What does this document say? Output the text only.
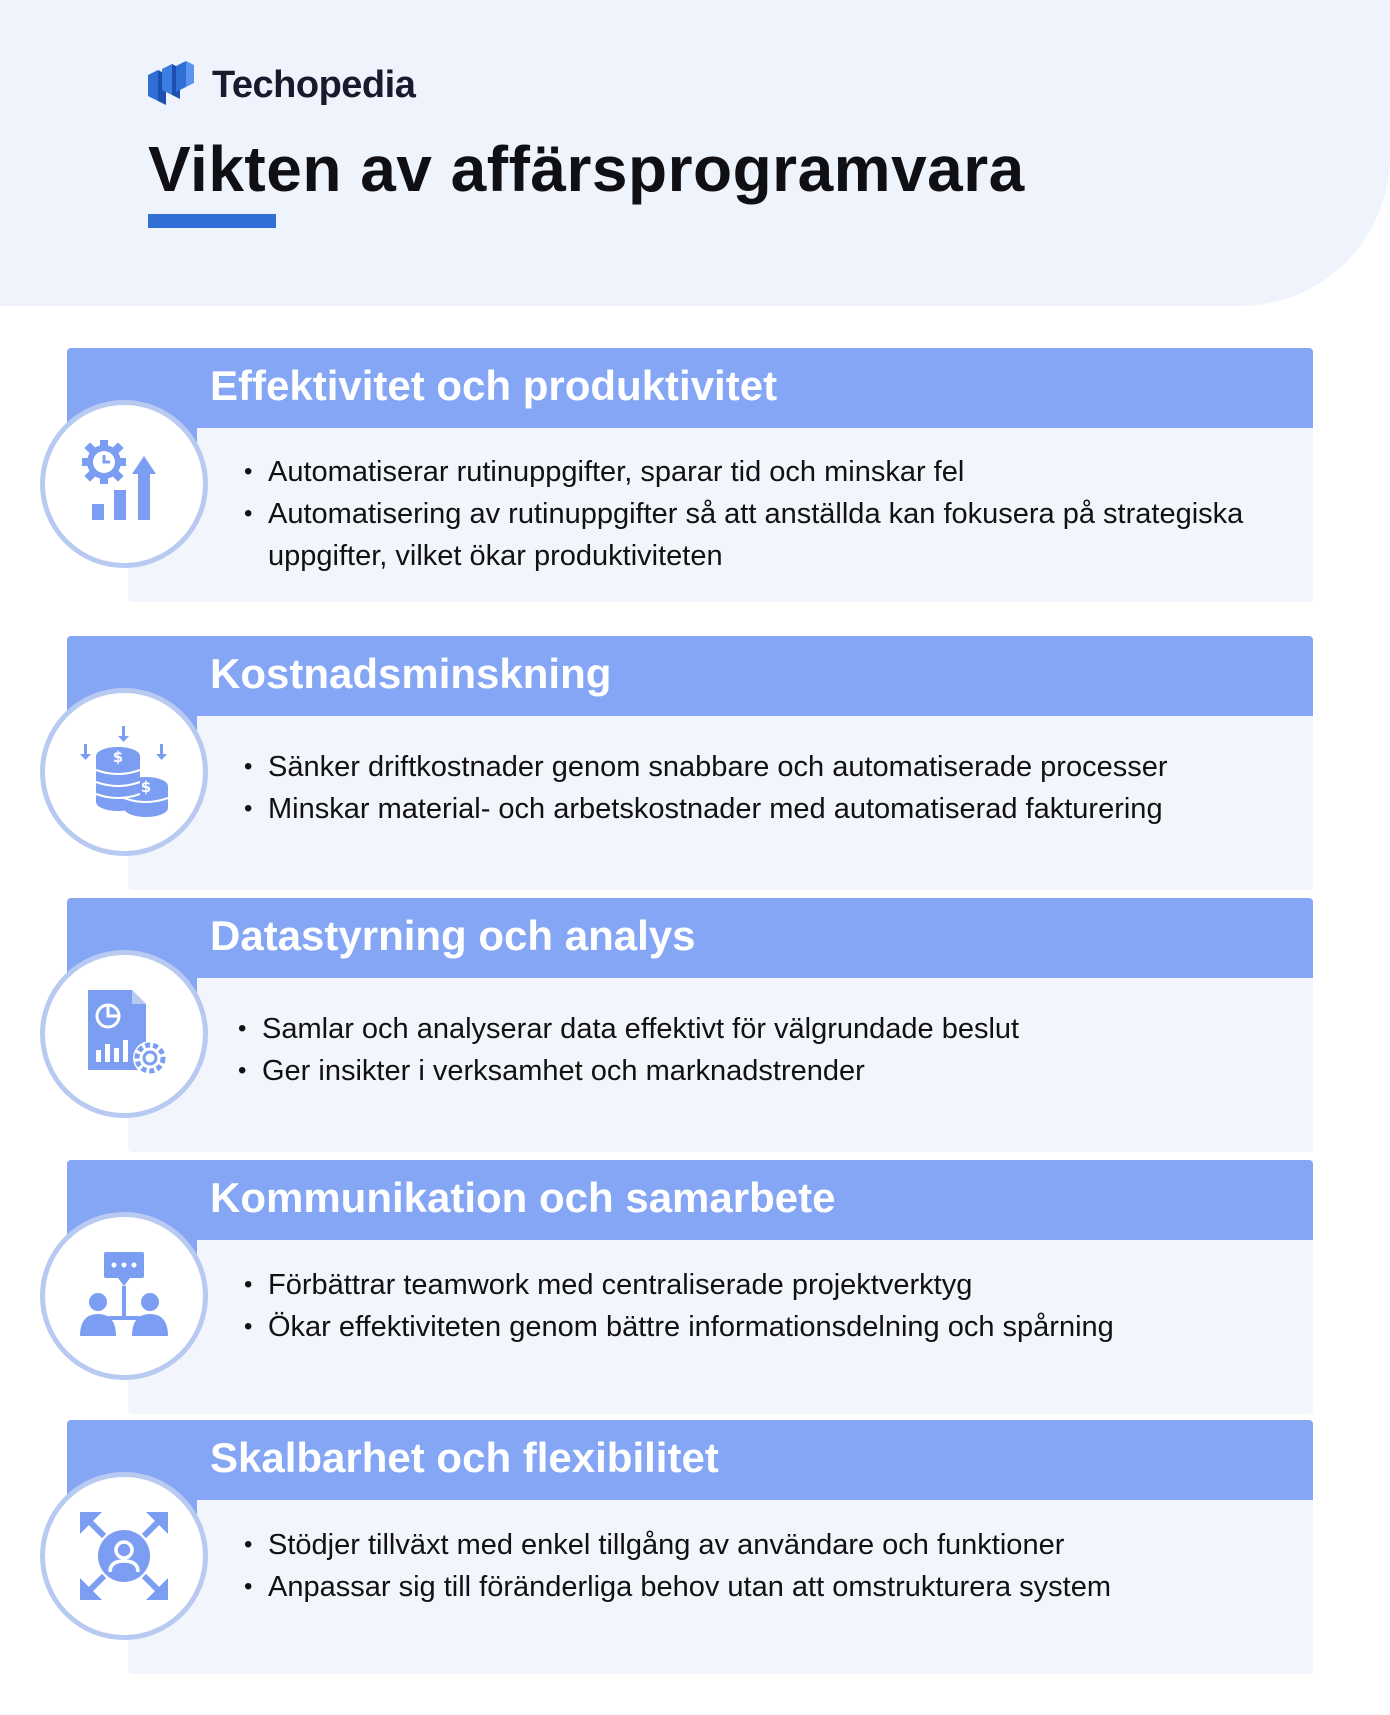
Techopedia
Vikten av affärsprogramvara
Effektivitet och produktivitet
• Automatiserar rutinuppgifter, sparar tid och minskar fel
• Automatisering av rutinuppgifter så att anställda kan fokusera på strategiska uppgifter, vilket ökar produktiviteten
Kostnadsminskning
$
$
• Sänker driftkostnader genom snabbare och automatiserade processer
• Minskar material- och arbetskostnader med automatiserad fakturering
Datastyrning och analys
• Samlar och analyserar data effektivt för välgrundade beslut
• Ger insikter i verksamhet och marknadstrender
Kommunikation och samarbete
• Förbättrar teamwork med centraliserade projektverktyg
• Ökar effektiviteten genom bättre informationsdelning och spårning
Skalbarhet och flexibilitet
• Stödjer tillväxt med enkel tillgång av användare och funktioner
• Anpassar sig till föränderliga behov utan att omstrukturera system
